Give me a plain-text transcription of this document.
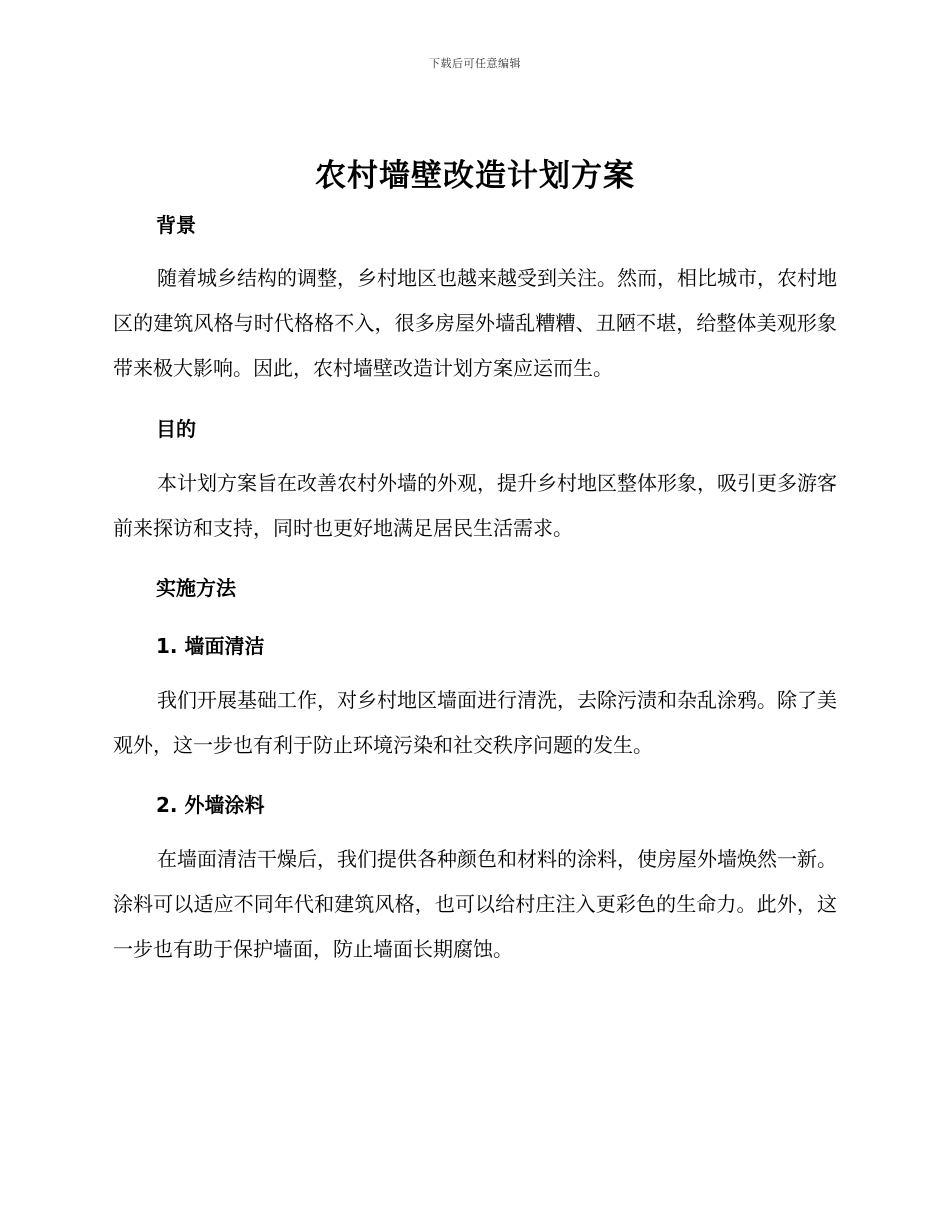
下载后可任意编辑
农村墙壁改造计划方案
背景
随着城乡结构的调整，乡村地区也越来越受到关注。然而，相比城市，农村地区的建筑风格与时代格格不入，很多房屋外墙乱糟糟、丑陋不堪，给整体美观形象带来极大影响。因此，农村墙壁改造计划方案应运而生。
目的
本计划方案旨在改善农村外墙的外观，提升乡村地区整体形象，吸引更多游客前来探访和支持，同时也更好地满足居民生活需求。
实施方法
1. 墙面清洁
我们开展基础工作，对乡村地区墙面进行清洗，去除污渍和杂乱涂鸦。除了美观外，这一步也有利于防止环境污染和社交秩序问题的发生。
2. 外墙涂料
在墙面清洁干燥后，我们提供各种颜色和材料的涂料，使房屋外墙焕然一新。涂料可以适应不同年代和建筑风格，也可以给村庄注入更彩色的生命力。此外，这一步也有助于保护墙面，防止墙面长期腐蚀。
